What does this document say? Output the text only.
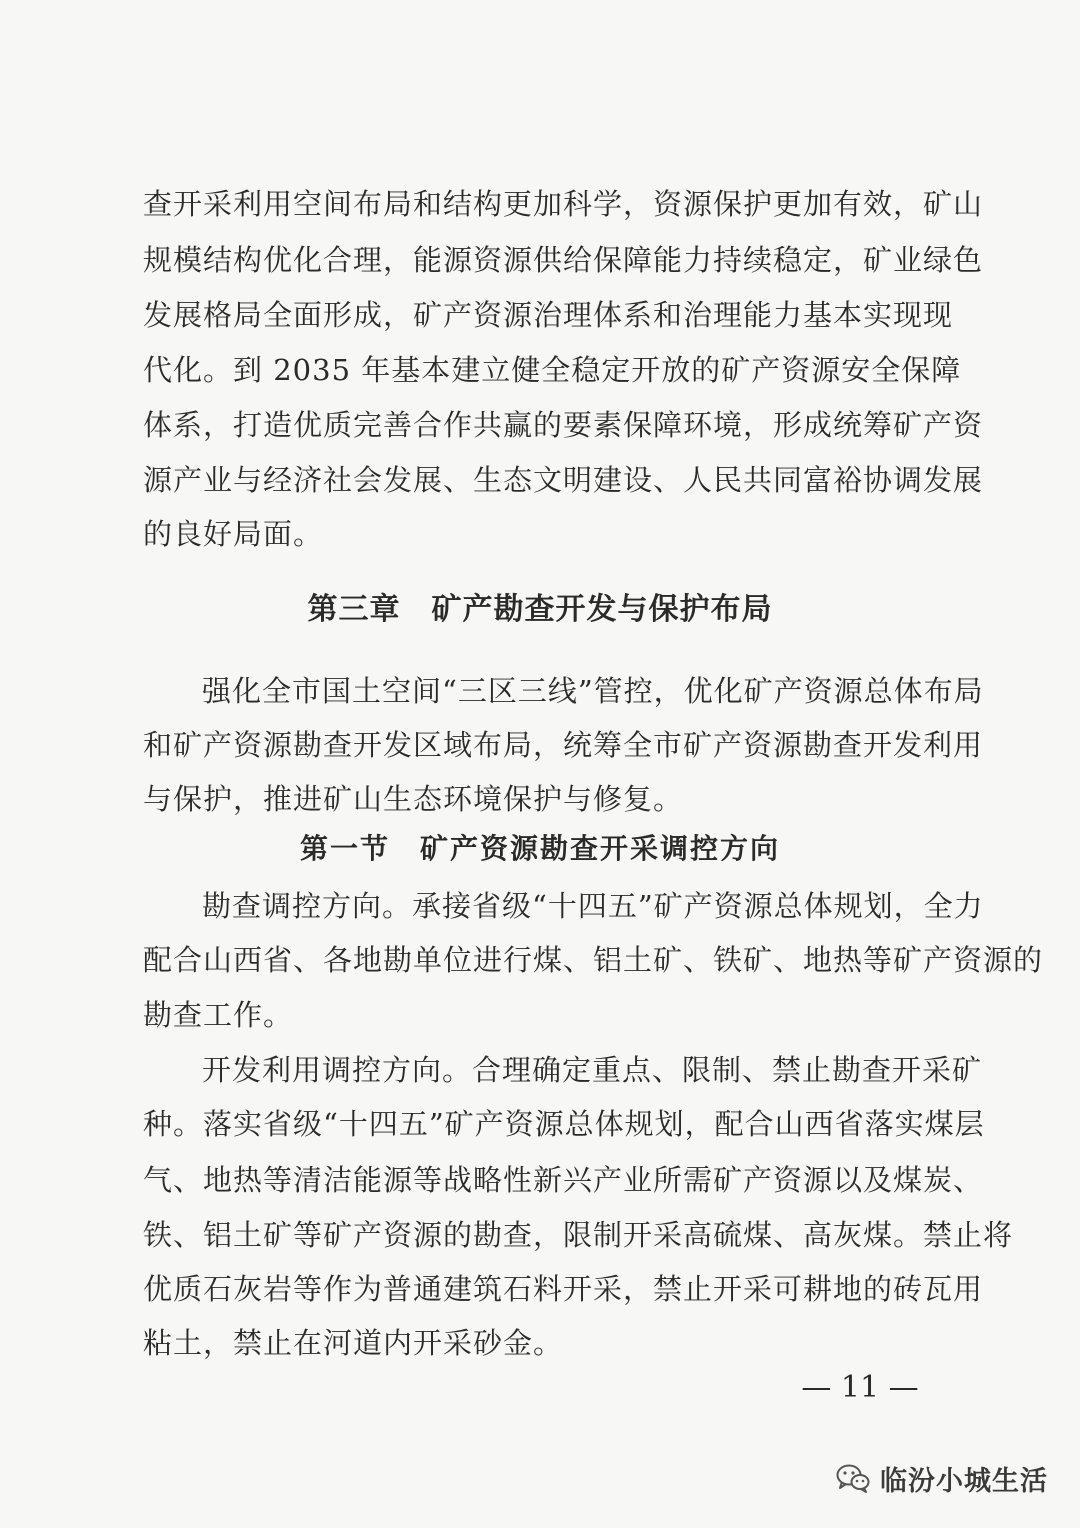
查开采利用空间布局和结构更加科学，资源保护更加有效，矿山
规模结构优化合理，能源资源供给保障能力持续稳定，矿业绿色
发展格局全面形成，矿产资源治理体系和治理能力基本实现现
代化。到 2035 年基本建立健全稳定开放的矿产资源安全保障
体系，打造优质完善合作共赢的要素保障环境，形成统筹矿产资
源产业与经济社会发展、生态文明建设、人民共同富裕协调发展
的良好局面。
第三章　矿产勘查开发与保护布局
强化全市国土空间“三区三线”管控，优化矿产资源总体布局
和矿产资源勘查开发区域布局，统筹全市矿产资源勘查开发利用
与保护，推进矿山生态环境保护与修复。
第一节　矿产资源勘查开采调控方向
勘查调控方向。承接省级“十四五”矿产资源总体规划，全力
配合山西省、各地勘单位进行煤、铝土矿、铁矿、地热等矿产资源的
勘查工作。
开发利用调控方向。合理确定重点、限制、禁止勘查开采矿
种。落实省级“十四五”矿产资源总体规划，配合山西省落实煤层
气、地热等清洁能源等战略性新兴产业所需矿产资源以及煤炭、
铁、铝土矿等矿产资源的勘查，限制开采高硫煤、高灰煤。禁止将
优质石灰岩等作为普通建筑石料开采，禁止开采可耕地的砖瓦用
粘土，禁止在河道内开采砂金。
— 11 —
临汾小城生活
